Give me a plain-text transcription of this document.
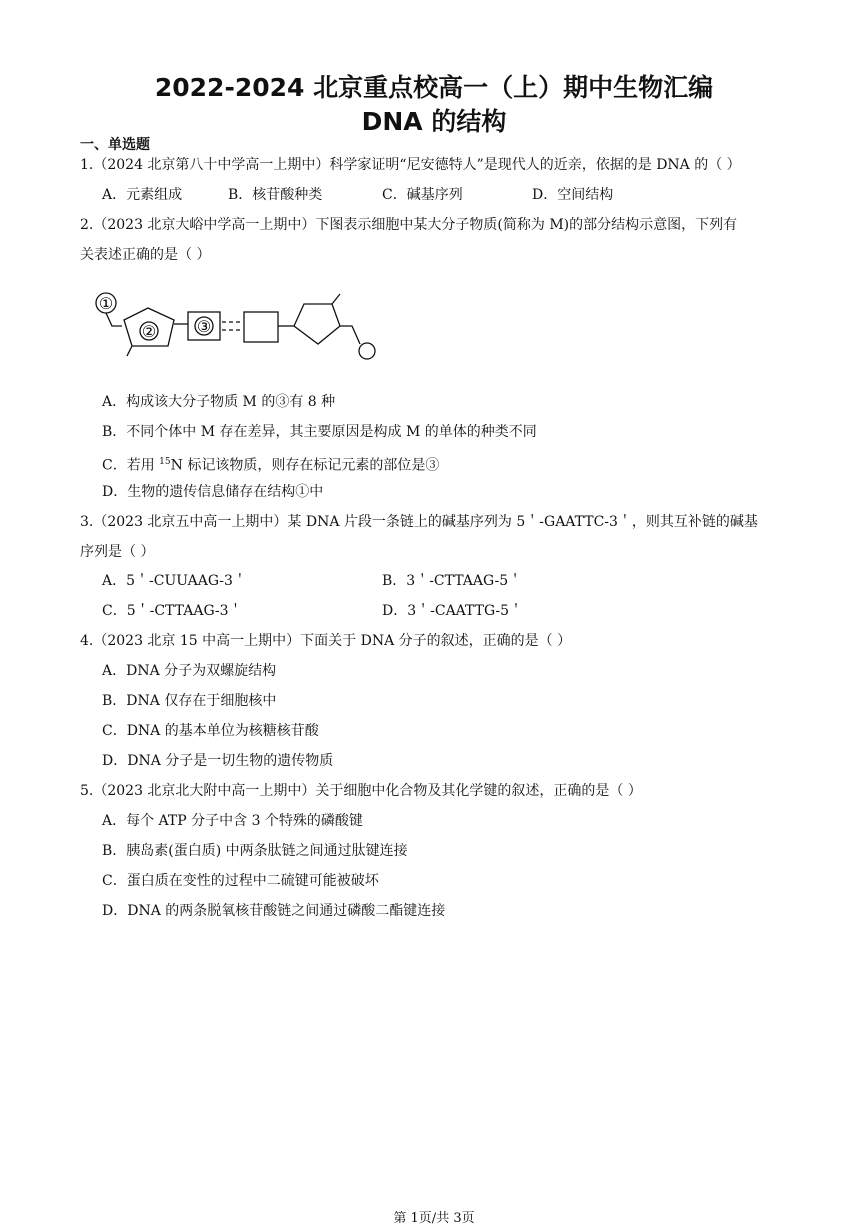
2022-2024 北京重点校高一（上）期中生物汇编
DNA 的结构
一、单选题
1.（2024 北京第八十中学高一上期中）科学家证明“尼安德特人”是现代人的近亲，依据的是 DNA 的（ ）
A．元素组成	B．核苷酸种类	C．碱基序列	D．空间结构
2.（2023 北京大峪中学高一上期中）下图表示细胞中某大分子物质(简称为 M)的部分结构示意图，下列有
关表述正确的是（ ）
①
②	③
A．构成该大分子物质 M 的③有 8 种
B．不同个体中 M 存在差异，其主要原因是构成 M 的单体的种类不同
C．若用 $^{15}$N 标记该物质，则存在标记元素的部位是③
D．生物的遗传信息储存在结构①中
3.（2023 北京五中高一上期中）某 DNA 片段一条链上的碱基序列为 5＇-GAATTC-3＇，则其互补链的碱基
序列是（ ）
A．5＇-CUUAAG-3＇	B．3＇-CTTAAG-5＇
C．5＇-CTTAAG-3＇	D．3＇-CAATTG-5＇
4.（2023 北京 15 中高一上期中）下面关于 DNA 分子的叙述，正确的是（ ）
A．DNA 分子为双螺旋结构
B．DNA 仅存在于细胞核中
C．DNA 的基本单位为核糖核苷酸
D．DNA 分子是一切生物的遗传物质
5.（2023 北京北大附中高一上期中）关于细胞中化合物及其化学键的叙述，正确的是（ ）
A．每个 ATP 分子中含 3 个特殊的磷酸键
B．胰岛素(蛋白质) 中两条肽链之间通过肽键连接
C．蛋白质在变性的过程中二硫键可能被破坏
D．DNA 的两条脱氧核苷酸链之间通过磷酸二酯键连接
第 1页/共 3页
